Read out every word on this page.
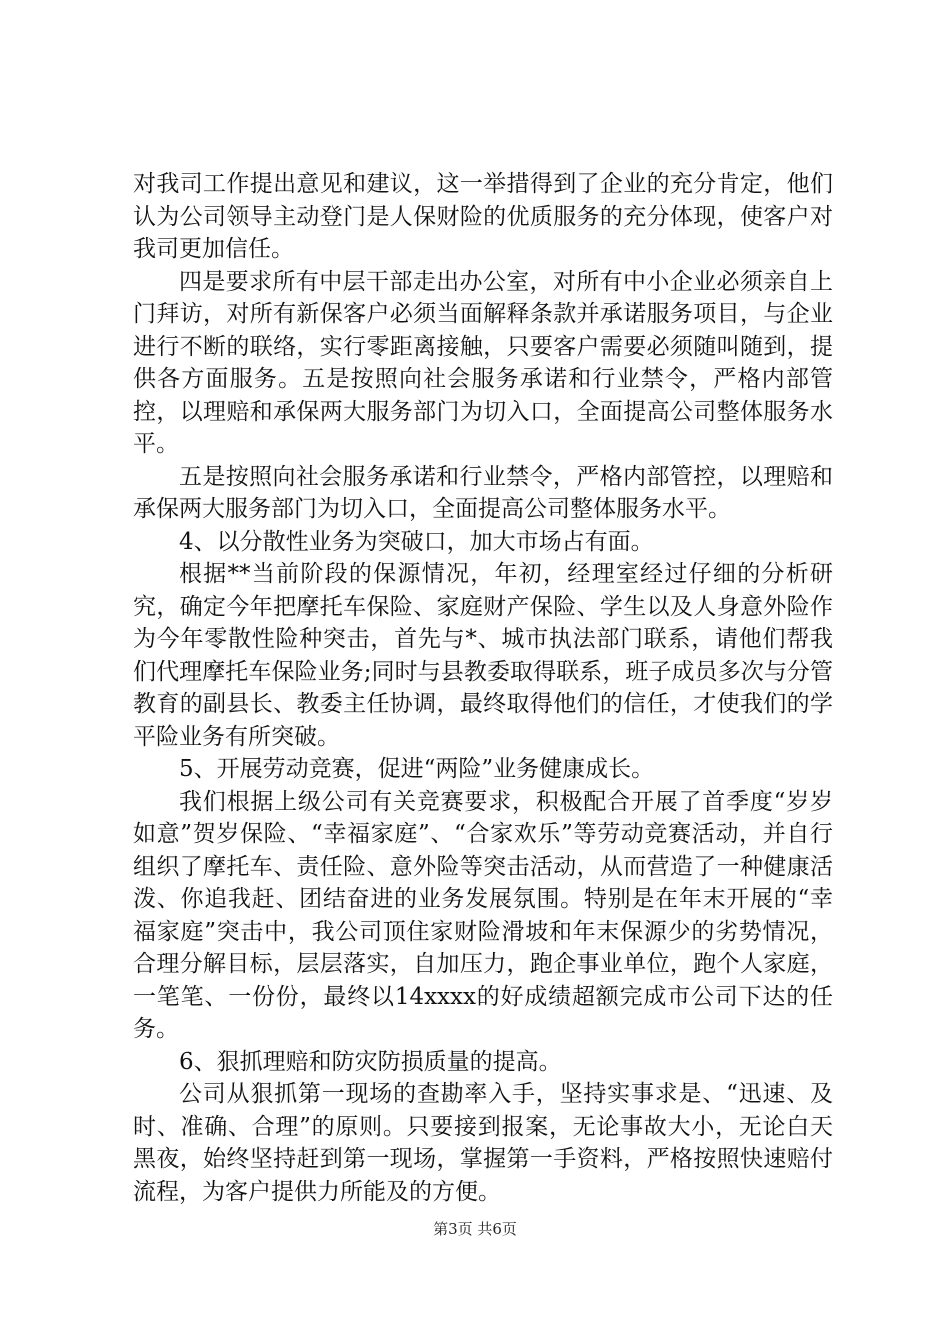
对我司工作提出意见和建议，这一举措得到了企业的充分肯定，他们认为公司领导主动登门是人保财险的优质服务的充分体现，使客户对我司更加信任。

四是要求所有中层干部走出办公室，对所有中小企业必须亲自上门拜访，对所有新保客户必须当面解释条款并承诺服务项目，与企业进行不断的联络，实行零距离接触，只要客户需要必须随叫随到，提供各方面服务。五是按照向社会服务承诺和行业禁令，严格内部管控，以理赔和承保两大服务部门为切入口，全面提高公司整体服务水平。

五是按照向社会服务承诺和行业禁令，严格内部管控，以理赔和承保两大服务部门为切入口，全面提高公司整体服务水平。

4、以分散性业务为突破口，加大市场占有面。

根据**当前阶段的保源情况，年初，经理室经过仔细的分析研究，确定今年把摩托车保险、家庭财产保险、学生以及人身意外险作为今年零散性险种突击，首先与*、城市执法部门联系，请他们帮我们代理摩托车保险业务;同时与县教委取得联系，班子成员多次与分管教育的副县长、教委主任协调，最终取得他们的信任，才使我们的学平险业务有所突破。

5、开展劳动竞赛，促进“两险”业务健康成长。

我们根据上级公司有关竞赛要求，积极配合开展了首季度“岁岁如意”贺岁保险、“幸福家庭”、“合家欢乐”等劳动竞赛活动，并自行组织了摩托车、责任险、意外险等突击活动，从而营造了一种健康活泼、你追我赶、团结奋进的业务发展氛围。特别是在年末开展的“幸福家庭”突击中，我公司顶住家财险滑坡和年末保源少的劣势情况，合理分解目标，层层落实，自加压力，跑企事业单位，跑个人家庭，一笔笔、一份份，最终以14xxxx的好成绩超额完成市公司下达的任务。

6、狠抓理赔和防灾防损质量的提高。

公司从狠抓第一现场的查勘率入手，坚持实事求是、“迅速、及时、准确、合理”的原则。只要接到报案，无论事故大小，无论白天黑夜，始终坚持赶到第一现场，掌握第一手资料，严格按照快速赔付流程，为客户提供力所能及的方便。

第3页 共6页
